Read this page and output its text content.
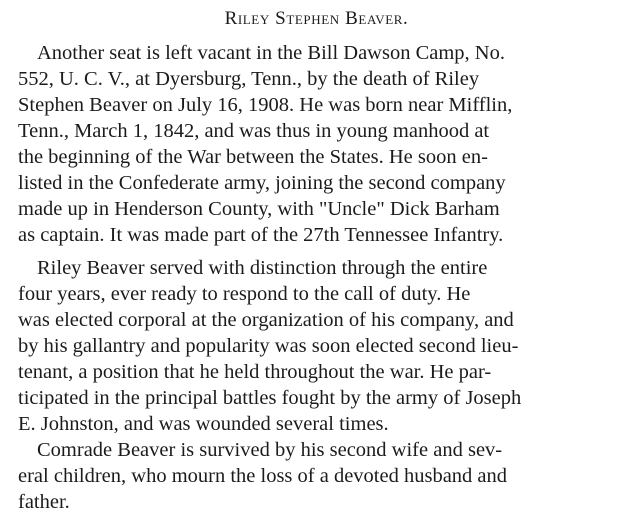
Riley Stephen Beaver.
Another seat is left vacant in the Bill Dawson Camp, No.
552, U. C. V., at Dyersburg, Tenn., by the death of Riley
Stephen Beaver on July 16, 1908. He was born near Mifflin,
Tenn., March 1, 1842, and was thus in young manhood at
the beginning of the War between the States. He soon en-
listed in the Confederate army, joining the second company
made up in Henderson County, with "Uncle" Dick Barham
as captain. It was made part of the 27th Tennessee Infantry.
Riley Beaver served with distinction through the entire
four years, ever ready to respond to the call of duty. He
was elected corporal at the organization of his company, and
by his gallantry and popularity was soon elected second lieu-
tenant, a position that he held throughout the war. He par-
ticipated in the principal battles fought by the army of Joseph
E. Johnston, and was wounded several times.
Comrade Beaver is survived by his second wife and sev-
eral children, who mourn the loss of a devoted husband and
father.
